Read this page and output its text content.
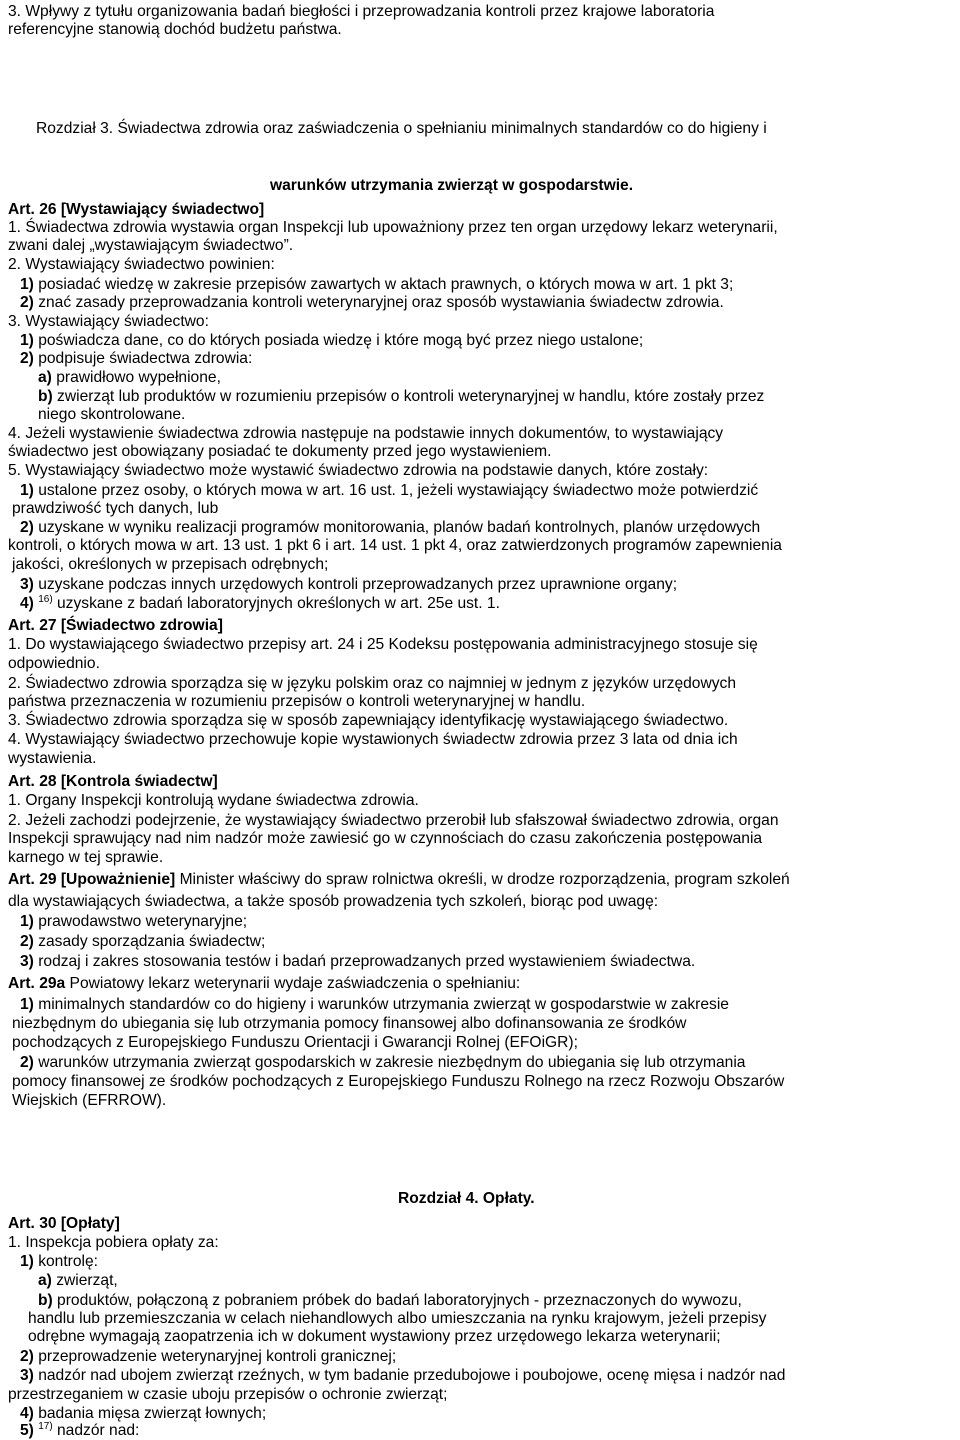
3. Wpływy z tytułu organizowania badań biegłości i przeprowadzania kontroli przez krajowe laboratoria
referencyjne stanowią dochód budżetu państwa.
Rozdział 3. Świadectwa zdrowia oraz zaświadczenia o spełnianiu minimalnych standardów co do higieny i
warunków utrzymania zwierząt w gospodarstwie.
Art. 26 [Wystawiający świadectwo]
1. Świadectwa zdrowia wystawia organ Inspekcji lub upoważniony przez ten organ urzędowy lekarz weterynarii,
zwani dalej „wystawiającym świadectwo”.
2. Wystawiający świadectwo powinien:
1) posiadać wiedzę w zakresie przepisów zawartych w aktach prawnych, o których mowa w art. 1 pkt 3;
2) znać zasady przeprowadzania kontroli weterynaryjnej oraz sposób wystawiania świadectw zdrowia.
3. Wystawiający świadectwo:
1) poświadcza dane, co do których posiada wiedzę i które mogą być przez niego ustalone;
2) podpisuje świadectwa zdrowia:
a) prawidłowo wypełnione,
b) zwierząt lub produktów w rozumieniu przepisów o kontroli weterynaryjnej w handlu, które zostały przez
niego skontrolowane.
4. Jeżeli wystawienie świadectwa zdrowia następuje na podstawie innych dokumentów, to wystawiający
świadectwo jest obowiązany posiadać te dokumenty przed jego wystawieniem.
5. Wystawiający świadectwo może wystawić świadectwo zdrowia na podstawie danych, które zostały:
1) ustalone przez osoby, o których mowa w art. 16 ust. 1, jeżeli wystawiający świadectwo może potwierdzić
prawdziwość tych danych, lub
2) uzyskane w wyniku realizacji programów monitorowania, planów badań kontrolnych, planów urzędowych
kontroli, o których mowa w art. 13 ust. 1 pkt 6 i art. 14 ust. 1 pkt 4, oraz zatwierdzonych programów zapewnienia
jakości, określonych w przepisach odrębnych;
3) uzyskane podczas innych urzędowych kontroli przeprowadzanych przez uprawnione organy;
4) $^{16)}$ uzyskane z badań laboratoryjnych określonych w art. 25e ust. 1.
Art. 27 [Świadectwo zdrowia]
1. Do wystawiającego świadectwo przepisy art. 24 i 25 Kodeksu postępowania administracyjnego stosuje się
odpowiednio.
2. Świadectwo zdrowia sporządza się w języku polskim oraz co najmniej w jednym z języków urzędowych
państwa przeznaczenia w rozumieniu przepisów o kontroli weterynaryjnej w handlu.
3. Świadectwo zdrowia sporządza się w sposób zapewniający identyfikację wystawiającego świadectwo.
4. Wystawiający świadectwo przechowuje kopie wystawionych świadectw zdrowia przez 3 lata od dnia ich
wystawienia.
Art. 28 [Kontrola świadectw]
1. Organy Inspekcji kontrolują wydane świadectwa zdrowia.
2. Jeżeli zachodzi podejrzenie, że wystawiający świadectwo przerobił lub sfałszował świadectwo zdrowia, organ
Inspekcji sprawujący nad nim nadzór może zawiesić go w czynnościach do czasu zakończenia postępowania
karnego w tej sprawie.
Art. 29 [Upoważnienie] Minister właściwy do spraw rolnictwa określi, w drodze rozporządzenia, program szkoleń
dla wystawiających świadectwa, a także sposób prowadzenia tych szkoleń, biorąc pod uwagę:
1) prawodawstwo weterynaryjne;
2) zasady sporządzania świadectw;
3) rodzaj i zakres stosowania testów i badań przeprowadzanych przed wystawieniem świadectwa.
Art. 29a Powiatowy lekarz weterynarii wydaje zaświadczenia o spełnianiu:
1) minimalnych standardów co do higieny i warunków utrzymania zwierząt w gospodarstwie w zakresie
niezbędnym do ubiegania się lub otrzymania pomocy finansowej albo dofinansowania ze środków
pochodzących z Europejskiego Funduszu Orientacji i Gwarancji Rolnej (EFOiGR);
2) warunków utrzymania zwierząt gospodarskich w zakresie niezbędnym do ubiegania się lub otrzymania
pomocy finansowej ze środków pochodzących z Europejskiego Funduszu Rolnego na rzecz Rozwoju Obszarów
Wiejskich (EFRROW).
Rozdział 4. Opłaty.
Art. 30 [Opłaty]
1. Inspekcja pobiera opłaty za:
1) kontrolę:
a) zwierząt,
b) produktów, połączoną z pobraniem próbek do badań laboratoryjnych - przeznaczonych do wywozu,
handlu lub przemieszczania w celach niehandlowych albo umieszczania na rynku krajowym, jeżeli przepisy
odrębne wymagają zaopatrzenia ich w dokument wystawiony przez urzędowego lekarza weterynarii;
2) przeprowadzenie weterynaryjnej kontroli granicznej;
3) nadzór nad ubojem zwierząt rzeźnych, w tym badanie przedubojowe i poubojowe, ocenę mięsa i nadzór nad
przestrzeganiem w czasie uboju przepisów o ochronie zwierząt;
4) badania mięsa zwierząt łownych;
5) $^{17)}$ nadzór nad:
